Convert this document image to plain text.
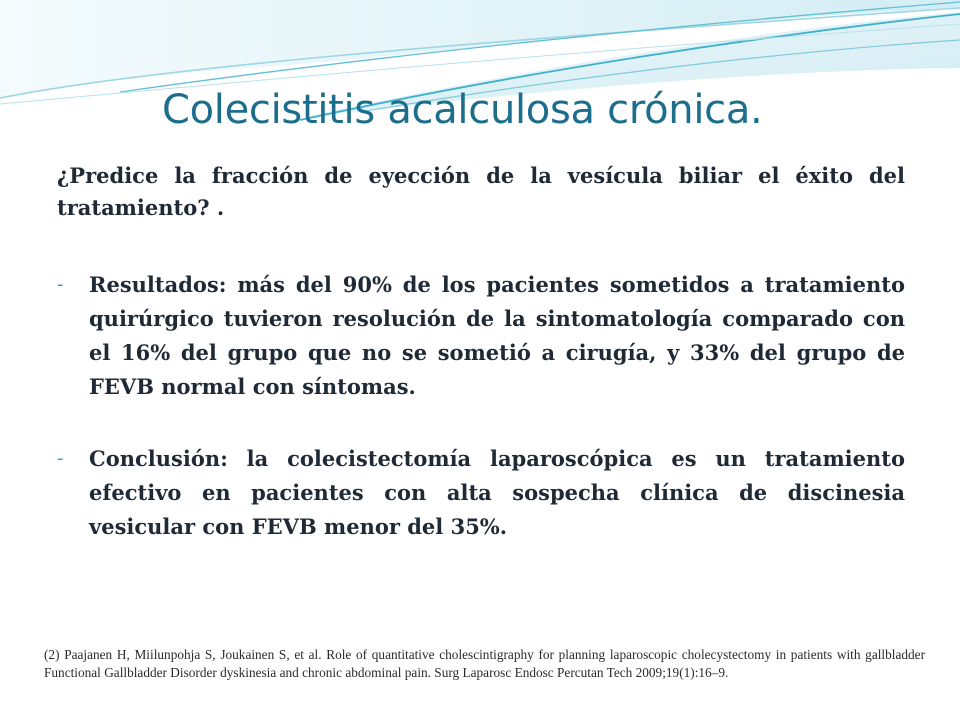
Colecistitis acalculosa crónica.
¿Predice la fracción de eyección de la vesícula biliar el éxito del tratamiento? .
- Resultados: más del 90% de los pacientes sometidos a tratamiento quirúrgico tuvieron resolución de la sintomatología comparado con el 16% del grupo que no se sometió a cirugía, y 33% del grupo de FEVB normal con síntomas.
- Conclusión: la colecistectomía laparoscópica es un tratamiento efectivo en pacientes con alta sospecha clínica de discinesia vesicular con FEVB menor del 35%.
(2) Paajanen H, Miilunpohja S, Joukainen S, et al. Role of quantitative cholescintigraphy for planning laparoscopic cholecystectomy in patients with gallbladder Functional Gallbladder Disorder dyskinesia and chronic abdominal pain. Surg Laparosc Endosc Percutan Tech 2009;19(1):16–9.
